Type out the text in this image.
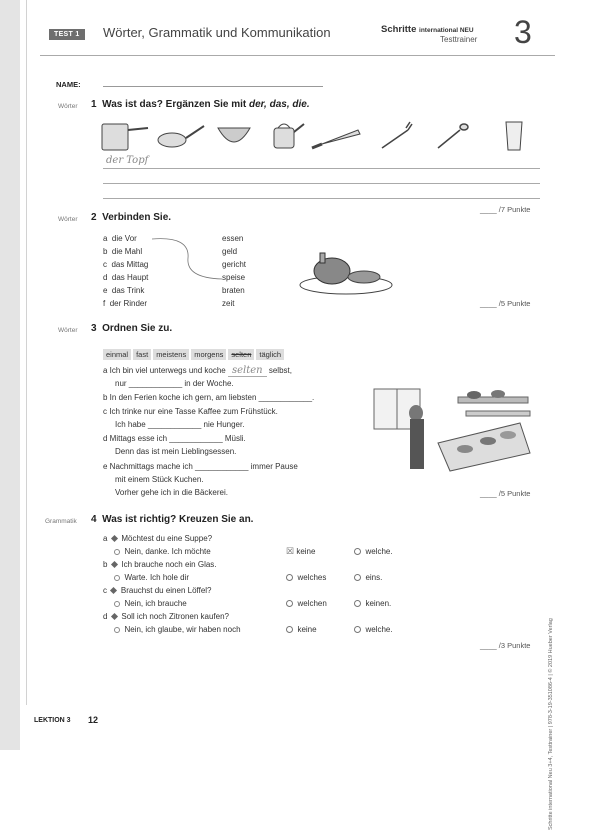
TEST 1	Wörter, Grammatik und Kommunikation	Schritte international NEU
Testtrainer 3
NAME:
Wörter 1 Was ist das? Ergänzen Sie mit der, das, die.
der Topf
____ /7 Punkte
Wörter 2 Verbinden Sie.
a die Vor
b die Mahl
c das Mittag
d das Haupt
e das Trink
f der Rinder
essen
geld
gericht
speise
braten
zeit	____ /5 Punkte
Wörter 3 Ordnen Sie zu.
einmal fast meistens morgens selten täglich
a Ich bin viel unterwegs und koche selten selbst,
nur ____________ in der Woche.
b In den Ferien koche ich gern, am liebsten ____________.
c Ich trinke nur eine Tasse Kaffee zum Frühstück.
Ich habe ____________ nie Hunger.
d Mittags esse ich ____________ Müsli.
Denn das ist mein Lieblingsessen.
e Nachmittags mache ich ____________ immer Pause
mit einem Stück Kuchen.
Vorher gehe ich in die Bäckerei.	____ /5 Punkte
Grammatik 4 Was ist richtig? Kreuzen Sie an.
a Möchtest du eine Suppe?
Nein, danke. Ich möchte	☒ keine	welche.
b Ich brauche noch ein Glas.
Warte. Ich hole dir	welches	eins.
c Brauchst du einen Löffel?
Nein, ich brauche	welchen	keinen.
d Soll ich noch Zitronen kaufen?
Nein, ich glaube, wir haben noch	keine	welche.
____ /3 Punkte	Schritte international Neu 3+4, Testtrainer | 978-3-19-351086-4 | © 2019 Hueber Verlag
LEKTION 3 12
